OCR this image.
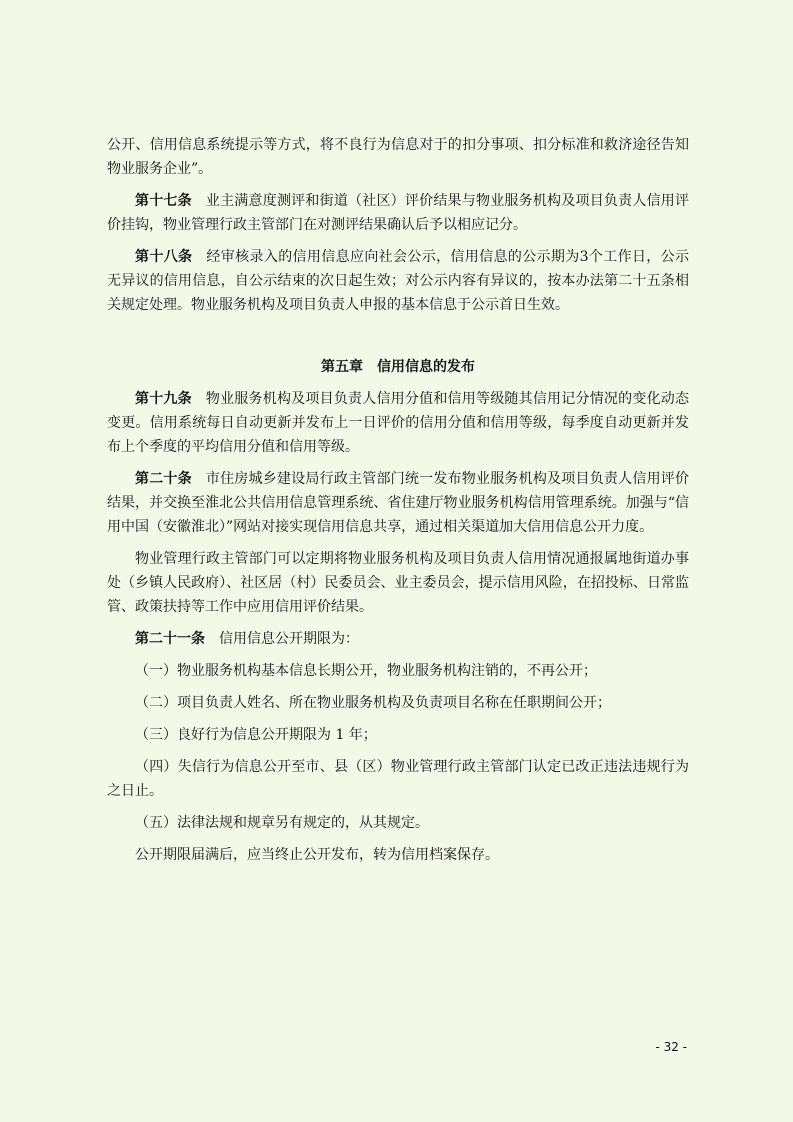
公开、信用信息系统提示等方式，将不良行为信息对于的扣分事项、扣分标准和救济途径告知物业服务企业”。

第十七条 业主满意度测评和街道（社区）评价结果与物业服务机构及项目负责人信用评价挂钩，物业管理行政主管部门在对测评结果确认后予以相应记分。

第十八条 经审核录入的信用信息应向社会公示，信用信息的公示期为3个工作日，公示无异议的信用信息，自公示结束的次日起生效；对公示内容有异议的，按本办法第二十五条相关规定处理。物业服务机构及项目负责人申报的基本信息于公示首日生效。

第五章 信用信息的发布

第十九条 物业服务机构及项目负责人信用分值和信用等级随其信用记分情况的变化动态变更。信用系统每日自动更新并发布上一日评价的信用分值和信用等级，每季度自动更新并发布上个季度的平均信用分值和信用等级。

第二十条 市住房城乡建设局行政主管部门统一发布物业服务机构及项目负责人信用评价结果，并交换至淮北公共信用信息管理系统、省住建厅物业服务机构信用管理系统。加强与“信用中国（安徽淮北）”网站对接实现信用信息共享，通过相关渠道加大信用信息公开力度。

物业管理行政主管部门可以定期将物业服务机构及项目负责人信用情况通报属地街道办事处（乡镇人民政府）、社区居（村）民委员会、业主委员会，提示信用风险，在招投标、日常监管、政策扶持等工作中应用信用评价结果。

第二十一条 信用信息公开期限为：

（一）物业服务机构基本信息长期公开，物业服务机构注销的，不再公开；

（二）项目负责人姓名、所在物业服务机构及负责项目名称在任职期间公开；

（三）良好行为信息公开期限为 1 年；

（四）失信行为信息公开至市、县（区）物业管理行政主管部门认定已改正违法违规行为之日止。

（五）法律法规和规章另有规定的，从其规定。

公开期限届满后，应当终止公开发布，转为信用档案保存。

- 32 -
